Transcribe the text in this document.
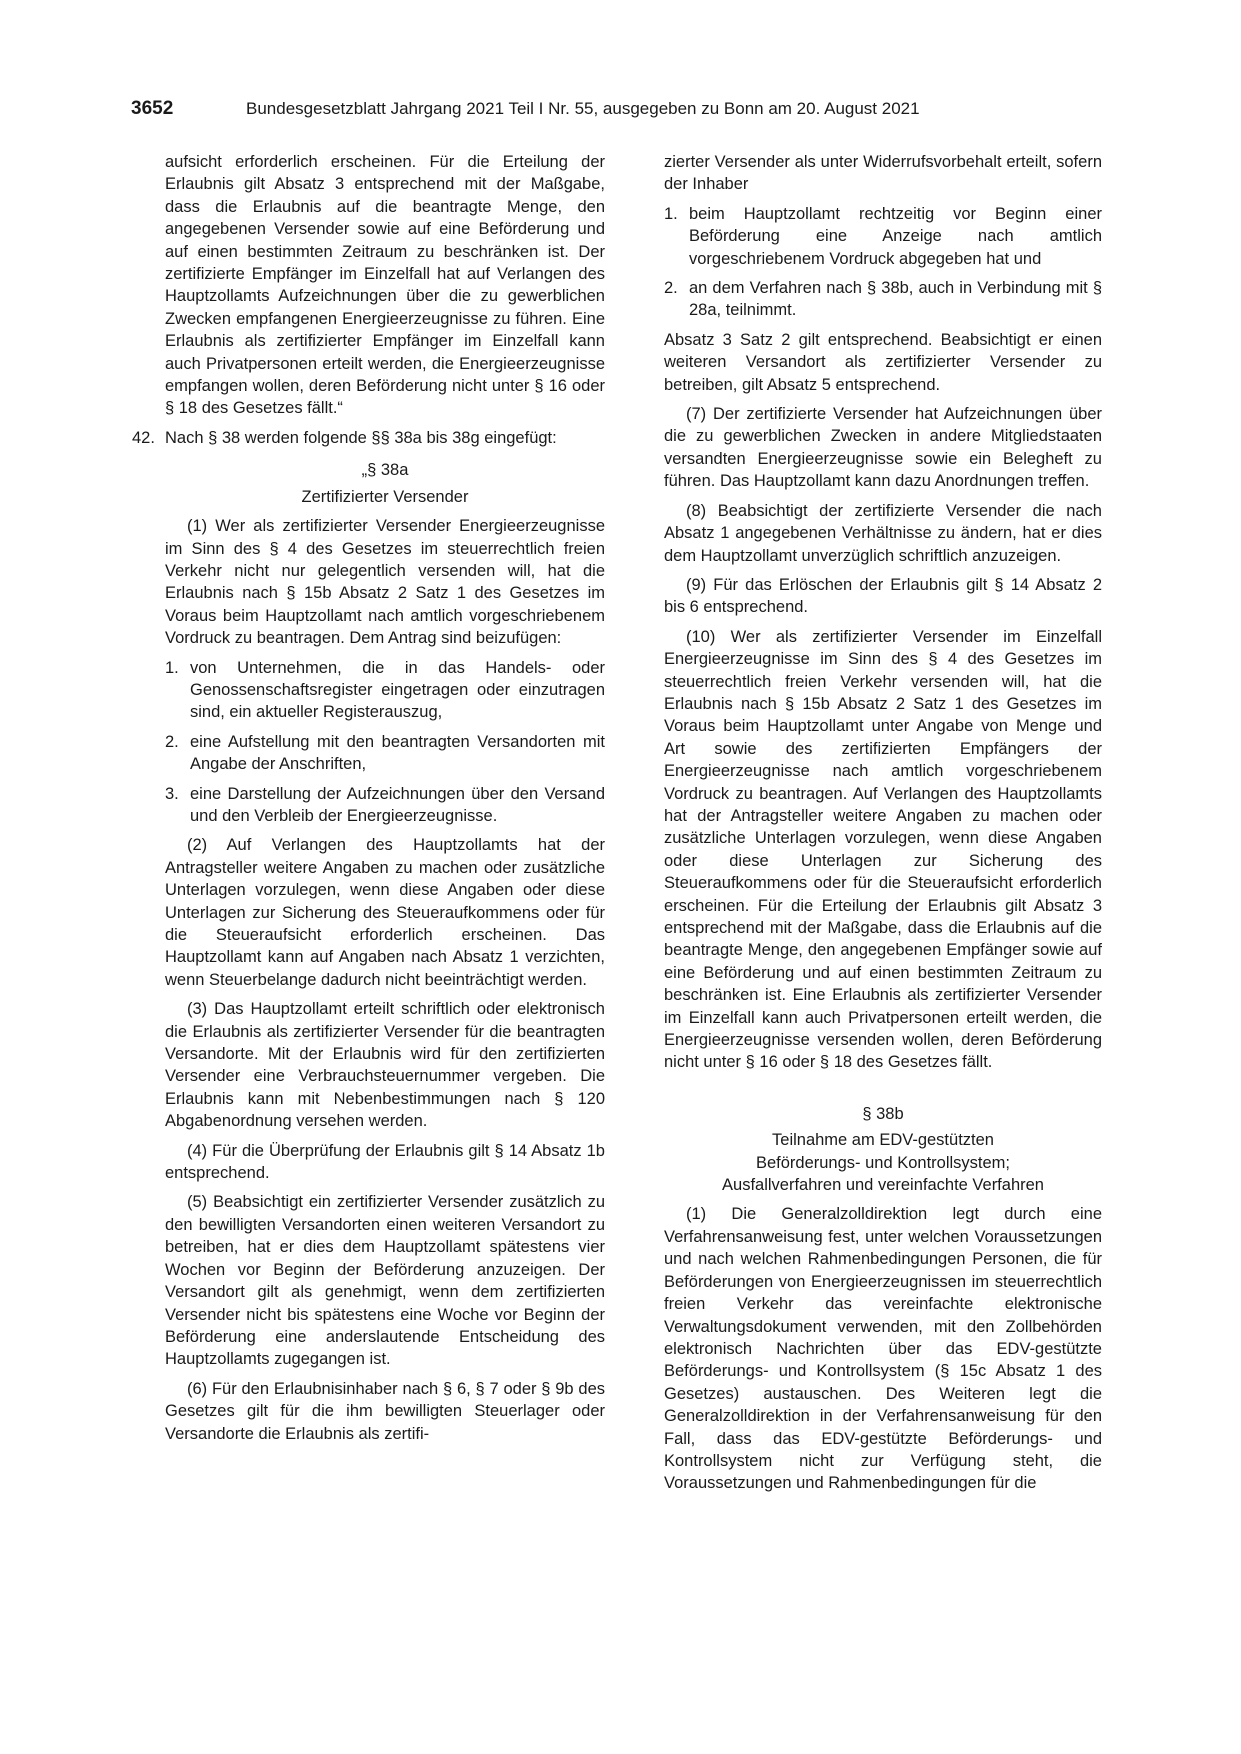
3652	Bundesgesetzblatt Jahrgang 2021 Teil I Nr. 55, ausgegeben zu Bonn am 20. August 2021

aufsicht erforderlich erscheinen. Für die Erteilung der Erlaubnis gilt Absatz 3 entsprechend mit der Maßgabe, dass die Erlaubnis auf die beantragte Menge, den angegebenen Versender sowie auf eine Beförderung und auf einen bestimmten Zeitraum zu beschränken ist. Der zertifizierte Empfänger im Einzelfall hat auf Verlangen des Hauptzollamts Aufzeichnungen über die zu gewerblichen Zwecken empfangenen Energieerzeugnisse zu führen. Eine Erlaubnis als zertifizierter Empfänger im Einzelfall kann auch Privatpersonen erteilt werden, die Energieerzeugnisse empfangen wollen, deren Beförderung nicht unter § 16 oder § 18 des Gesetzes fällt.“

42. Nach § 38 werden folgende §§ 38a bis 38g eingefügt:
„§ 38a
Zertifizierter Versender

(1) Wer als zertifizierter Versender Energieerzeugnisse im Sinn des § 4 des Gesetzes im steuerrechtlich freien Verkehr nicht nur gelegentlich versenden will, hat die Erlaubnis nach § 15b Absatz 2 Satz 1 des Gesetzes im Voraus beim Hauptzollamt nach amtlich vorgeschriebenem Vordruck zu beantragen. Dem Antrag sind beizufügen:

1. von Unternehmen, die in das Handels- oder Genossenschaftsregister eingetragen oder einzutragen sind, ein aktueller Registerauszug,
2. eine Aufstellung mit den beantragten Versandorten mit Angabe der Anschriften,
3. eine Darstellung der Aufzeichnungen über den Versand und den Verbleib der Energieerzeugnisse.

(2) Auf Verlangen des Hauptzollamts hat der Antragsteller weitere Angaben zu machen oder zusätzliche Unterlagen vorzulegen, wenn diese Angaben oder diese Unterlagen zur Sicherung des Steueraufkommens oder für die Steueraufsicht erforderlich erscheinen. Das Hauptzollamt kann auf Angaben nach Absatz 1 verzichten, wenn Steuerbelange dadurch nicht beeinträchtigt werden.

(3) Das Hauptzollamt erteilt schriftlich oder elektronisch die Erlaubnis als zertifizierter Versender für die beantragten Versandorte. Mit der Erlaubnis wird für den zertifizierten Versender eine Verbrauchsteuernummer vergeben. Die Erlaubnis kann mit Nebenbestimmungen nach § 120 Abgabenordnung versehen werden.

(4) Für die Überprüfung der Erlaubnis gilt § 14 Absatz 1b entsprechend.

(5) Beabsichtigt ein zertifizierter Versender zusätzlich zu den bewilligten Versandorten einen weiteren Versandort zu betreiben, hat er dies dem Hauptzollamt spätestens vier Wochen vor Beginn der Beförderung anzuzeigen. Der Versandort gilt als genehmigt, wenn dem zertifizierten Versender nicht bis spätestens eine Woche vor Beginn der Beförderung eine anderslautende Entscheidung des Hauptzollamts zugegangen ist.

(6) Für den Erlaubnisinhaber nach § 6, § 7 oder § 9b des Gesetzes gilt für die ihm bewilligten Steuerlager oder Versandorte die Erlaubnis als zertifi-

zierter Versender als unter Widerrufsvorbehalt erteilt, sofern der Inhaber

1. beim Hauptzollamt rechtzeitig vor Beginn einer Beförderung eine Anzeige nach amtlich vorgeschriebenem Vordruck abgegeben hat und
2. an dem Verfahren nach § 38b, auch in Verbindung mit § 28a, teilnimmt.

Absatz 3 Satz 2 gilt entsprechend. Beabsichtigt er einen weiteren Versandort als zertifizierter Versender zu betreiben, gilt Absatz 5 entsprechend.

(7) Der zertifizierte Versender hat Aufzeichnungen über die zu gewerblichen Zwecken in andere Mitgliedstaaten versandten Energieerzeugnisse sowie ein Belegheft zu führen. Das Hauptzollamt kann dazu Anordnungen treffen.

(8) Beabsichtigt der zertifizierte Versender die nach Absatz 1 angegebenen Verhältnisse zu ändern, hat er dies dem Hauptzollamt unverzüglich schriftlich anzuzeigen.

(9) Für das Erlöschen der Erlaubnis gilt § 14 Absatz 2 bis 6 entsprechend.

(10) Wer als zertifizierter Versender im Einzelfall Energieerzeugnisse im Sinn des § 4 des Gesetzes im steuerrechtlich freien Verkehr versenden will, hat die Erlaubnis nach § 15b Absatz 2 Satz 1 des Gesetzes im Voraus beim Hauptzollamt unter Angabe von Menge und Art sowie des zertifizierten Empfängers der Energieerzeugnisse nach amtlich vorgeschriebenem Vordruck zu beantragen. Auf Verlangen des Hauptzollamts hat der Antragsteller weitere Angaben zu machen oder zusätzliche Unterlagen vorzulegen, wenn diese Angaben oder diese Unterlagen zur Sicherung des Steueraufkommens oder für die Steueraufsicht erforderlich erscheinen. Für die Erteilung der Erlaubnis gilt Absatz 3 entsprechend mit der Maßgabe, dass die Erlaubnis auf die beantragte Menge, den angegebenen Empfänger sowie auf eine Beförderung und auf einen bestimmten Zeitraum zu beschränken ist. Eine Erlaubnis als zertifizierter Versender im Einzelfall kann auch Privatpersonen erteilt werden, die Energieerzeugnisse versenden wollen, deren Beförderung nicht unter § 16 oder § 18 des Gesetzes fällt.

§ 38b
Teilnahme am EDV-gestützten
Beförderungs- und Kontrollsystem;
Ausfallverfahren und vereinfachte Verfahren

(1) Die Generalzolldirektion legt durch eine Verfahrensanweisung fest, unter welchen Voraussetzungen und nach welchen Rahmenbedingungen Personen, die für Beförderungen von Energieerzeugnissen im steuerrechtlich freien Verkehr das vereinfachte elektronische Verwaltungsdokument verwenden, mit den Zollbehörden elektronisch Nachrichten über das EDV-gestützte Beförderungs- und Kontrollsystem (§ 15c Absatz 1 des Gesetzes) austauschen. Des Weiteren legt die Generalzolldirektion in der Verfahrensanweisung für den Fall, dass das EDV-gestützte Beförderungs- und Kontrollsystem nicht zur Verfügung steht, die Voraussetzungen und Rahmenbedingungen für die
